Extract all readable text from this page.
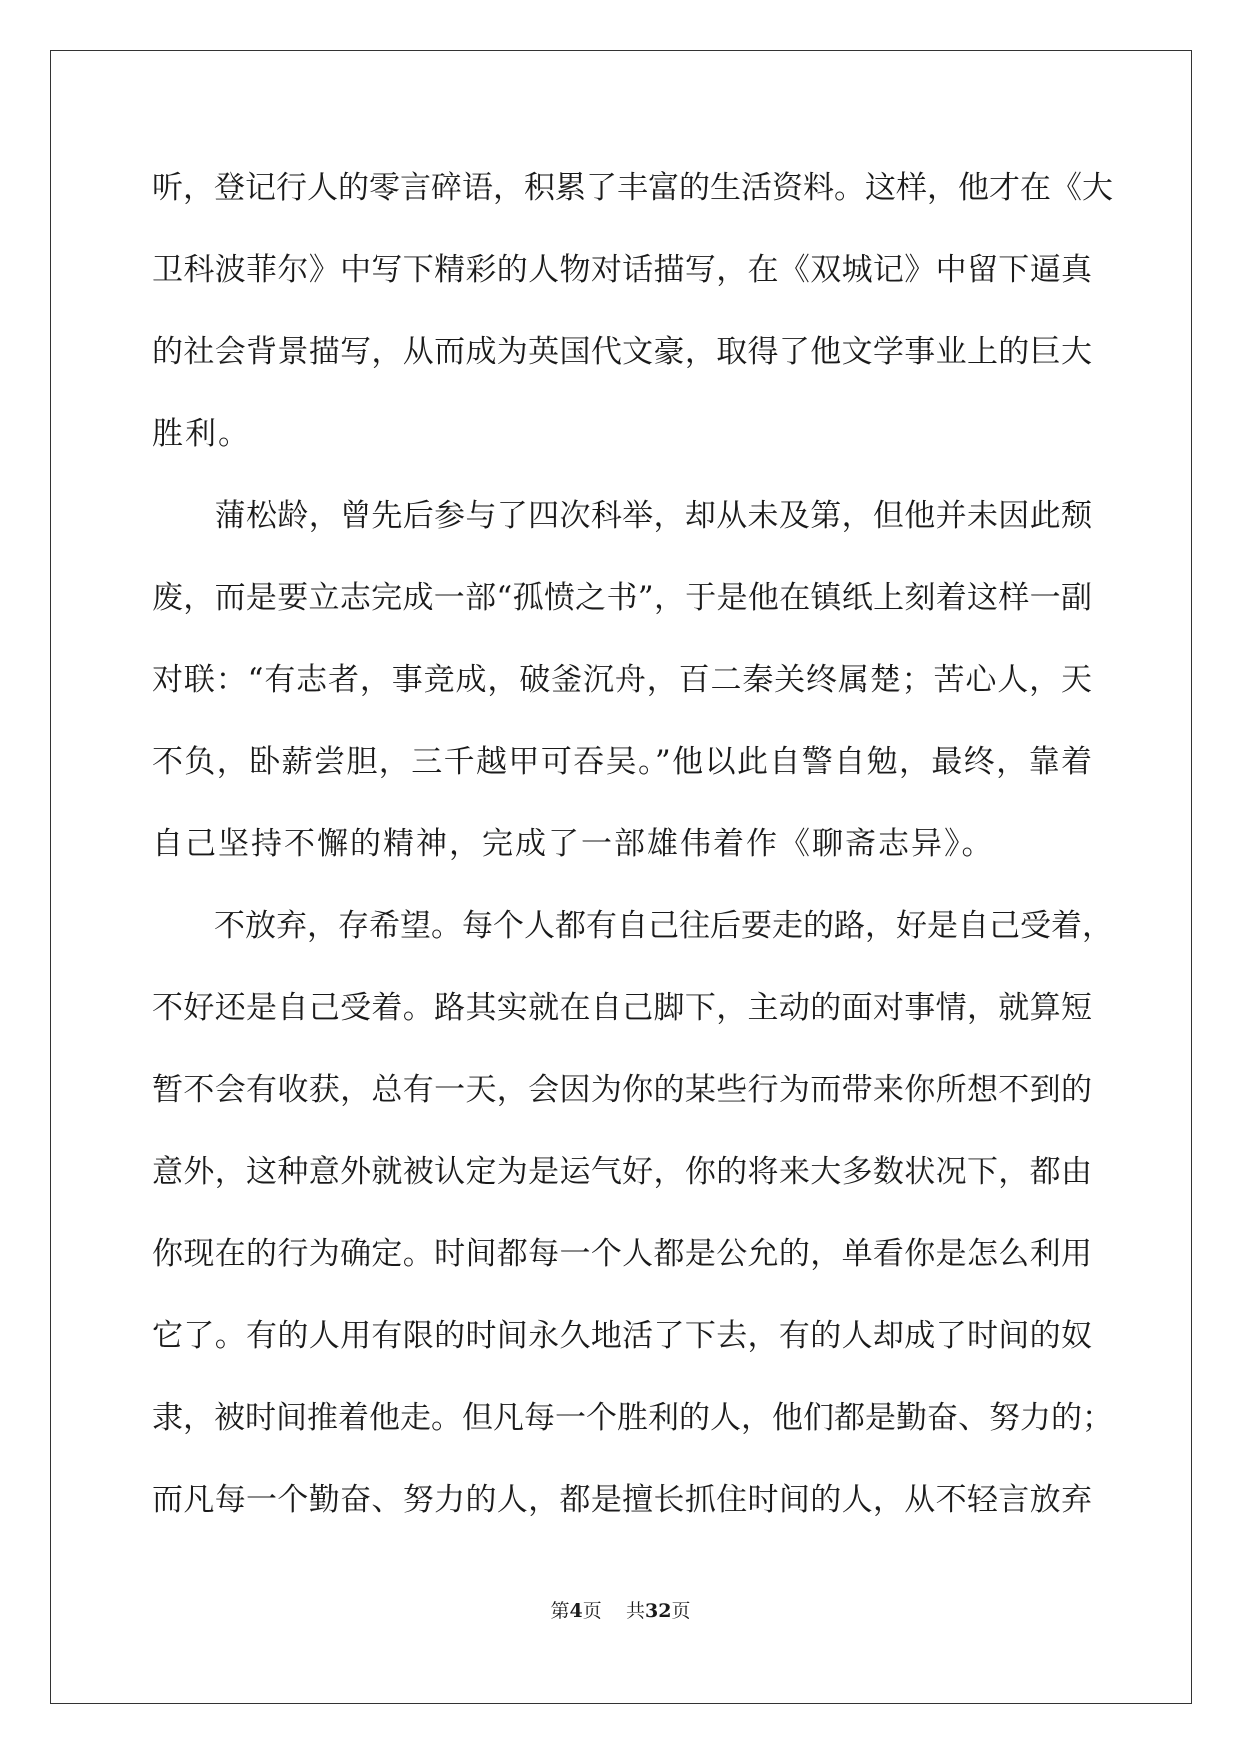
听，登记行人的零言碎语，积累了丰富的生活资料。这样，他才在《大
卫科波菲尔》中写下精彩的人物对话描写，在《双城记》中留下逼真
的社会背景描写，从而成为英国代文豪，取得了他文学事业上的巨大
胜利。
　　蒲松龄，曾先后参与了四次科举，却从未及第，但他并未因此颓
废，而是要立志完成一部“孤愤之书”，于是他在镇纸上刻着这样一副
对联：“有志者，事竞成，破釜沉舟，百二秦关终属楚；苦心人，天
不负，卧薪尝胆，三千越甲可吞吴。”他以此自警自勉，最终，靠着
自己坚持不懈的精神，完成了一部雄伟着作《聊斋志异》。
　　不放弃，存希望。每个人都有自己往后要走的路，好是自己受着，
不好还是自己受着。路其实就在自己脚下，主动的面对事情，就算短
暂不会有收获，总有一天，会因为你的某些行为而带来你所想不到的
意外，这种意外就被认定为是运气好，你的将来大多数状况下，都由
你现在的行为确定。时间都每一个人都是公允的，单看你是怎么利用
它了。有的人用有限的时间永久地活了下去，有的人却成了时间的奴
隶，被时间推着他走。但凡每一个胜利的人，他们都是勤奋、努力的；
而凡每一个勤奋、努力的人，都是擅长抓住时间的人，从不轻言放弃
第4页 共32页
